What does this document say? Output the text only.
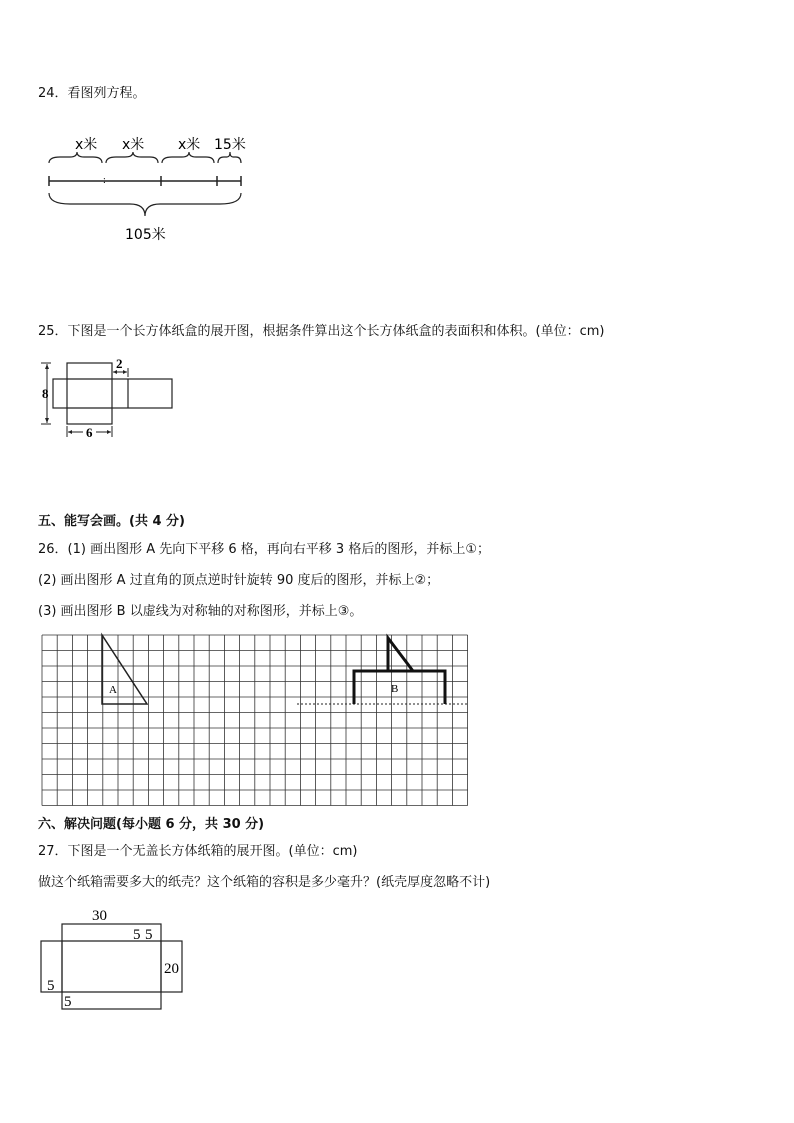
24．看图列方程。
x米 x米 x米 15米
:
105米
25．下图是一个长方体纸盒的展开图，根据条件算出这个长方体纸盒的表面积和体积。(单位：cm)
2
8
6
五、能写会画。(共 4 分)
26．(1) 画出图形 A 先向下平移 6 格，再向右平移 3 格后的图形，并标上①；
(2) 画出图形 A 过直角的顶点逆时针旋转 90 度后的图形，并标上②；
(3) 画出图形 B 以虚线为对称轴的对称图形，并标上③。
A	B
六、解决问题(每小题 6 分，共 30 分)
27．下图是一个无盖长方体纸箱的展开图。(单位：cm)
做这个纸箱需要多大的纸壳？这个纸箱的容积是多少毫升？(纸壳厚度忽略不计)
30
5 5
20
5
5
